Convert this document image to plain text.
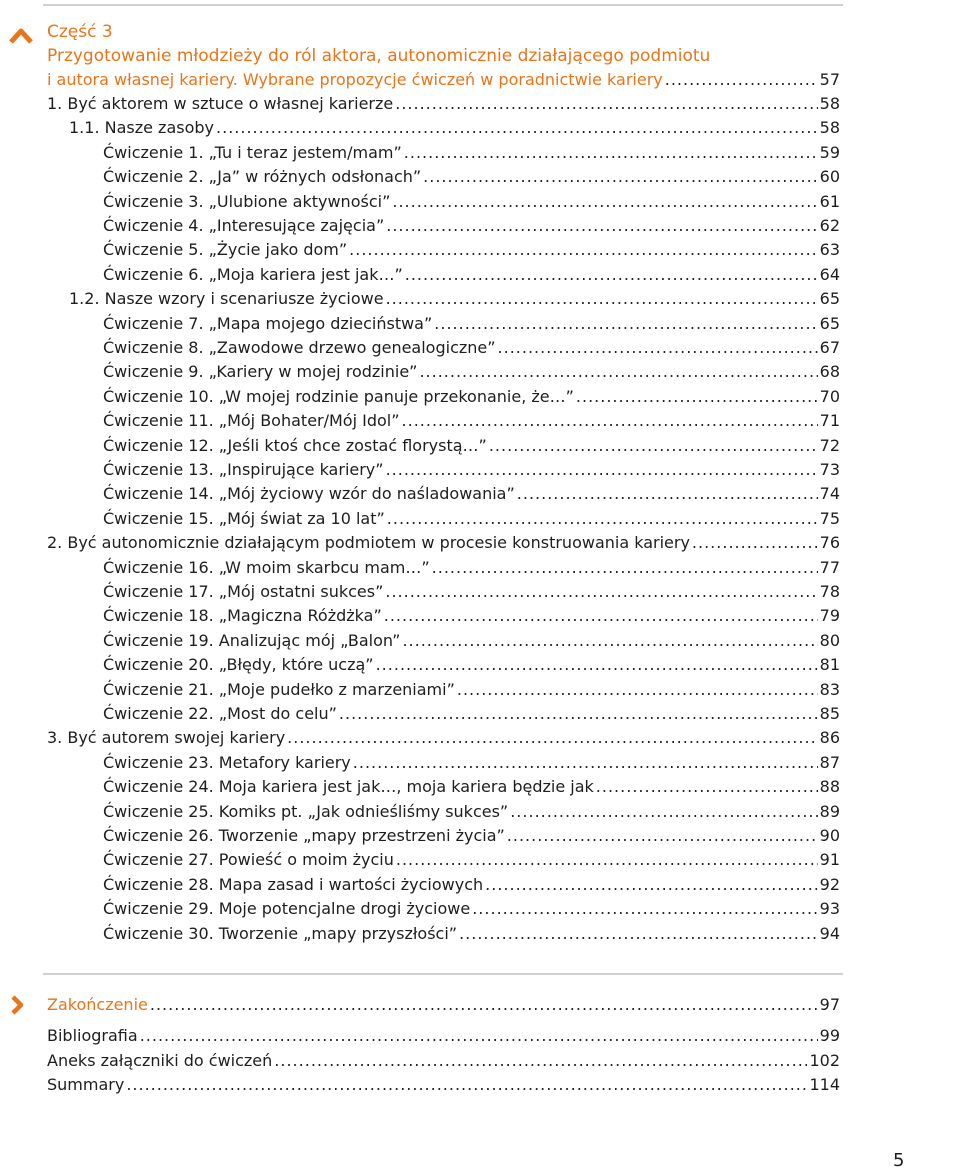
Część 3
Przygotowanie młodzieży do ról aktora, autonomicznie działającego podmiotu
i autora własnej kariery. Wybrane propozycje ćwiczeń w poradnictwie kariery .....	57
1. Być aktorem w sztuce o własnej karierze .....	58
1.1. Nasze zasoby .....	58
Ćwiczenie 1. „Tu i teraz jestem/mam” .....	59
Ćwiczenie 2. „Ja” w różnych odsłonach” .....	60
Ćwiczenie 3. „Ulubione aktywności” .....	61
Ćwiczenie 4. „Interesujące zajęcia” .....	62
Ćwiczenie 5. „Życie jako dom” .....	63
Ćwiczenie 6. „Moja kariera jest jak…” .....	64
1.2. Nasze wzory i scenariusze życiowe .....	65
Ćwiczenie 7. „Mapa mojego dzieciństwa” .....	65
Ćwiczenie 8. „Zawodowe drzewo genealogiczne” .....	67
Ćwiczenie 9. „Kariery w mojej rodzinie” .....	68
Ćwiczenie 10. „W mojej rodzinie panuje przekonanie, że…” .....	70
Ćwiczenie 11. „Mój Bohater/Mój Idol” .....	71
Ćwiczenie 12. „Jeśli ktoś chce zostać florystą…” .....	72
Ćwiczenie 13. „Inspirujące kariery” .....	73
Ćwiczenie 14. „Mój życiowy wzór do naśladowania” .....	74
Ćwiczenie 15. „Mój świat za 10 lat” .....	75
2. Być autonomicznie działającym podmiotem w procesie konstruowania kariery .....	76
Ćwiczenie 16. „W moim skarbcu mam…” .....	77
Ćwiczenie 17. „Mój ostatni sukces” .....	78
Ćwiczenie 18. „Magiczna Różdżka” .....	79
Ćwiczenie 19. Analizując mój „Balon” .....	80
Ćwiczenie 20. „Błędy, które uczą” .....	81
Ćwiczenie 21. „Moje pudełko z marzeniami” .....	83
Ćwiczenie 22. „Most do celu” .....	85
3. Być autorem swojej kariery .....	86
Ćwiczenie 23. Metafory kariery .....	87
Ćwiczenie 24. Moja kariera jest jak…, moja kariera będzie jak .....	88
Ćwiczenie 25. Komiks pt. „Jak odnieśliśmy sukces” .....	89
Ćwiczenie 26. Tworzenie „mapy przestrzeni życia” .....	90
Ćwiczenie 27. Powieść o moim życiu .....	91
Ćwiczenie 28. Mapa zasad i wartości życiowych .....	92
Ćwiczenie 29. Moje potencjalne drogi życiowe .....	93
Ćwiczenie 30. Tworzenie „mapy przyszłości” .....	94
Zakończenie .....	97
Bibliografia .....	99
Aneks załączniki do ćwiczeń .....	102
Summary .....	114
5
